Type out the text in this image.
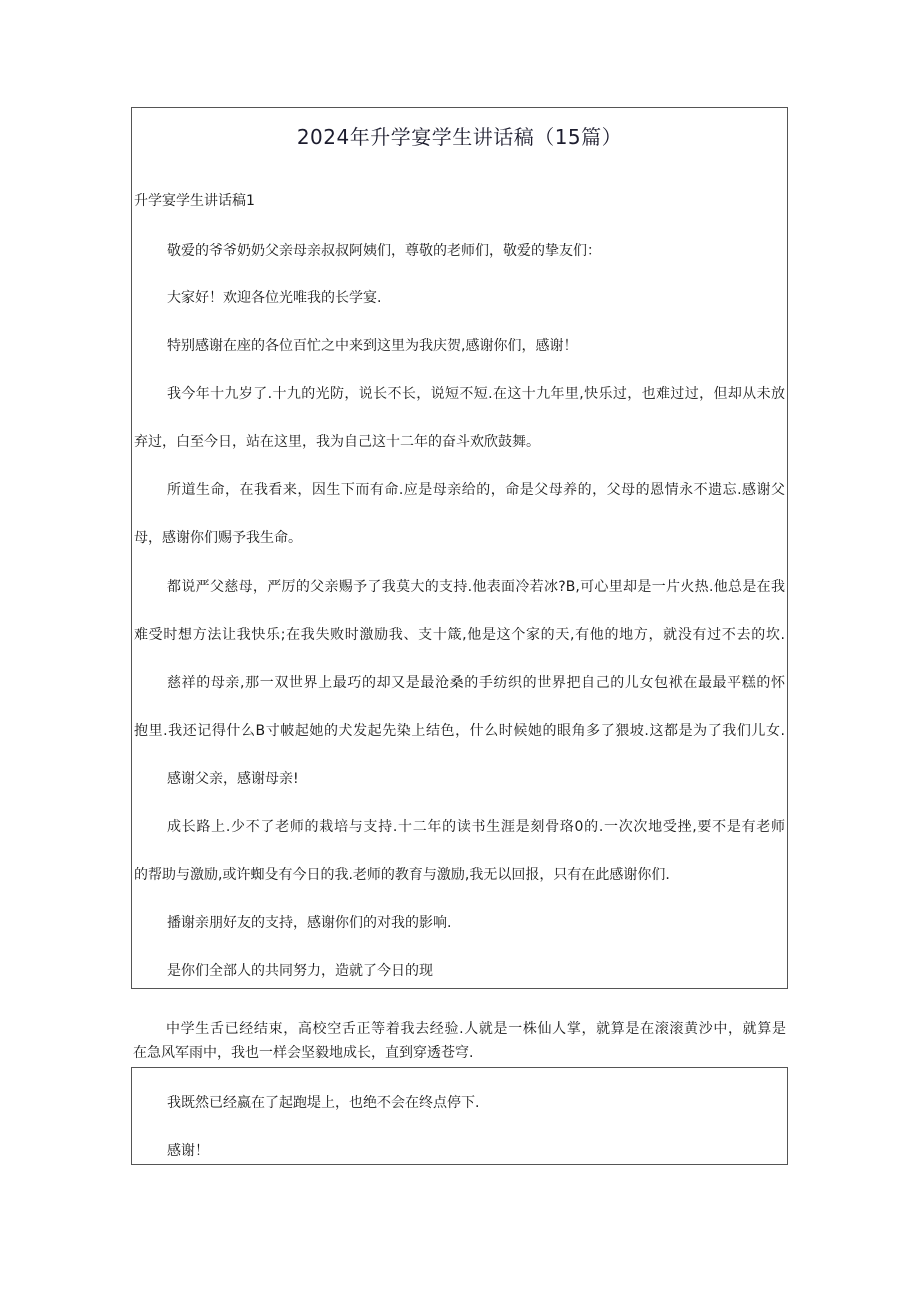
2024年升学宴学生讲话稿（15篇）
升学宴学生讲话稿1
敬爱的爷爷奶奶父亲母亲叔叔阿姨们，尊敬的老师们，敬爱的挚友们：
大家好！欢迎各位光唯我的长学宴.
特别感谢在座的各位百忙之中来到这里为我庆贺,感谢你们，感谢！
我今年十九岁了.十九的光防，说长不长，说短不短.在这十九年里,快乐过，也难过过，但却从未放
弃过，白至今日，站在这里，我为自己这十二年的奋斗欢欣鼓舞。
所道生命，在我看来，因生下而有命.应是母亲给的，命是父母养的，父母的恩情永不遗忘.感谢父
母，感谢你们赐予我生命。
都说严父慈母，严厉的父亲赐予了我莫大的支持.他表面冷若冰?B,可心里却是一片火热.他总是在我
难受时想方法让我快乐;在我失败时激励我、支十箴,他是这个家的天,有他的地方，就没有过不去的坎.
慈祥的母亲,那一双世界上最巧的却又是最沧桑的手纺织的世界把自己的儿女包袱在最最平糕的怀
抱里.我还记得什么B寸帔起她的犬发起先染上结色，什么时候她的眼角多了猥坡.这都是为了我们儿女.
感谢父亲，感谢母亲!
成长路上.少不了老师的栽培与支持.十二年的读书生涯是刻骨珞0的.一次次地受挫,要不是有老师
的帮助与激励,或许蜘殳有今日的我.老师的教育与激励,我无以回报，只有在此感谢你们.
播谢亲朋好友的支持，感谢你们的对我的影响.
是你们全部人的共同努力，造就了今日的现
中学生舌已经结束，高校空舌正等着我去经验.人就是一株仙人掌，就算是在滚滚黄沙中，就算是
在急风军雨中，我也一样会坚毅地成长，直到穿透苍穹.
我既然已经嬴在了起跑堤上，也绝不会在终点停下.
感谢！
